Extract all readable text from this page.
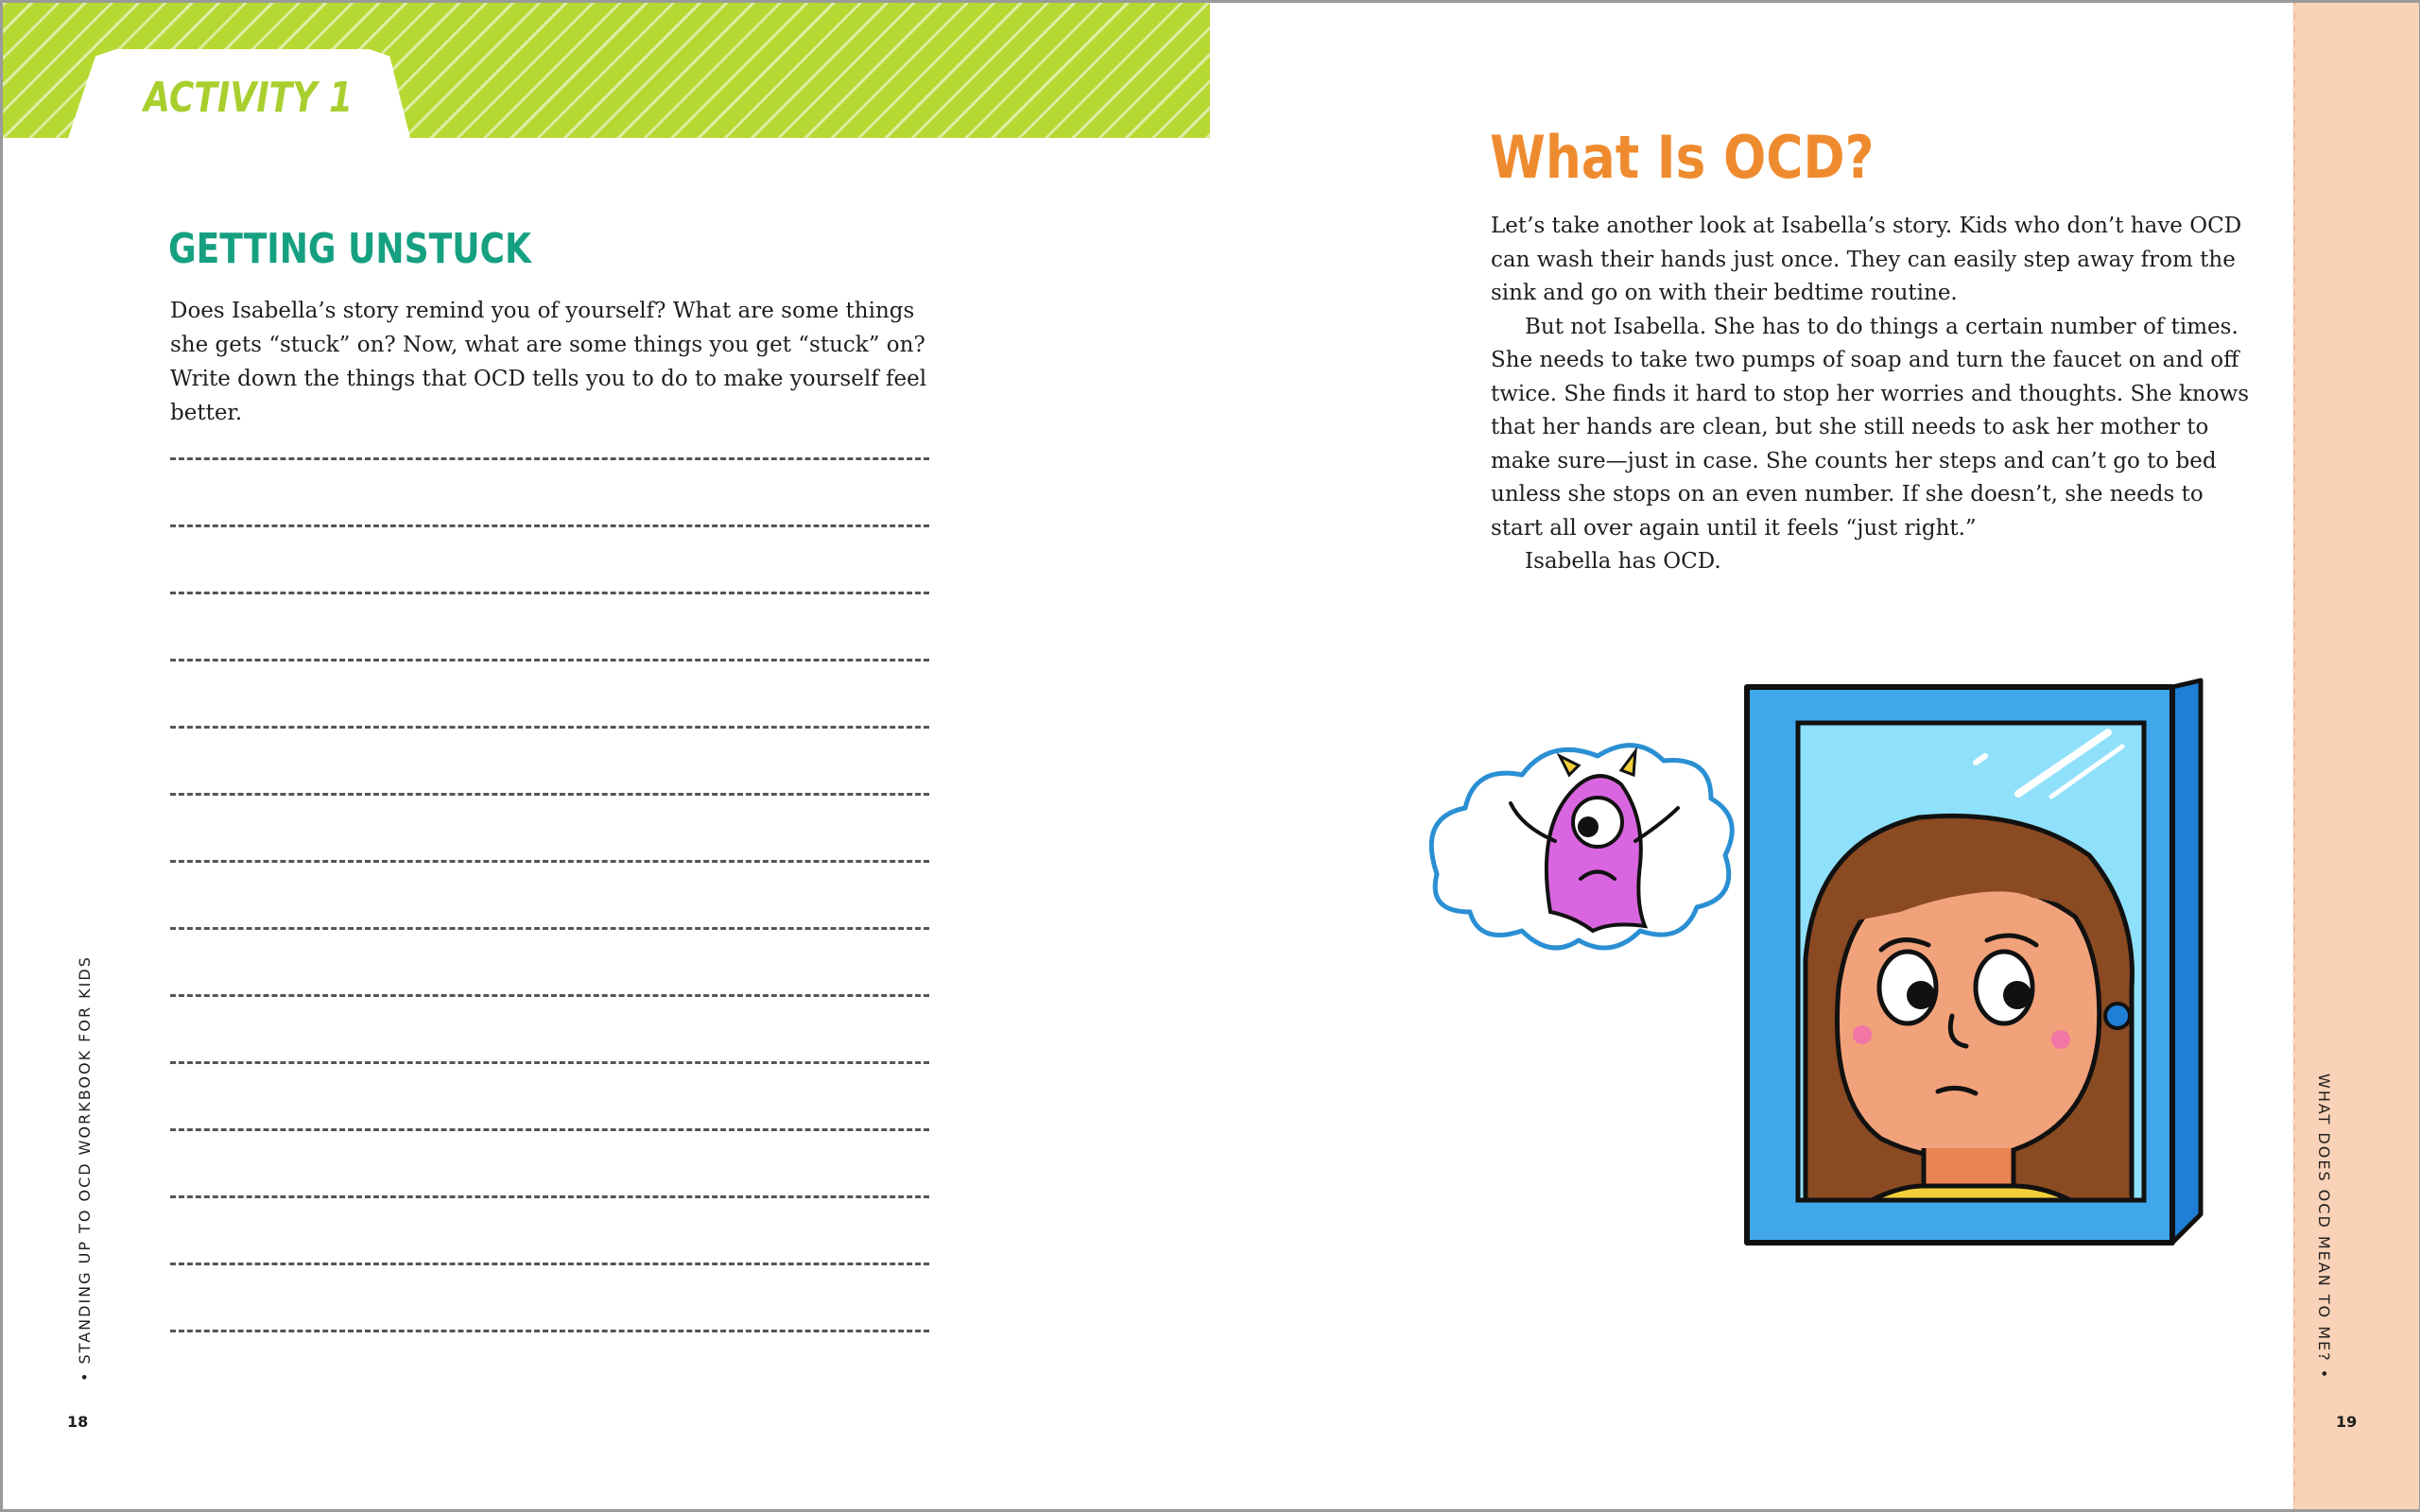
ACTIVITY 1
GETTING UNSTUCK
Does Isabella’s story remind you of yourself? What are some things she gets “stuck” on? Now, what are some things you get “stuck” on? Write down the things that OCD tells you to do to make yourself feel better.
• STANDING UP TO OCD WORKBOOK FOR KIDS
18
What Is OCD?

Let’s take another look at Isabella’s story. Kids who don’t have OCD can wash their hands just once. They can easily step away from the sink and go on with their bedtime routine.

But not Isabella. She has to do things a certain number of times. She needs to take two pumps of soap and turn the faucet on and off twice. She finds it hard to stop her worries and thoughts. She knows that her hands are clean, but she still needs to ask her mother to make sure—just in case. She counts her steps and can’t go to bed unless she stops on an even number. If she doesn’t, she needs to start all over again until it feels “just right.”

Isabella has OCD.

WHAT DOES OCD MEAN TO ME? •
19
